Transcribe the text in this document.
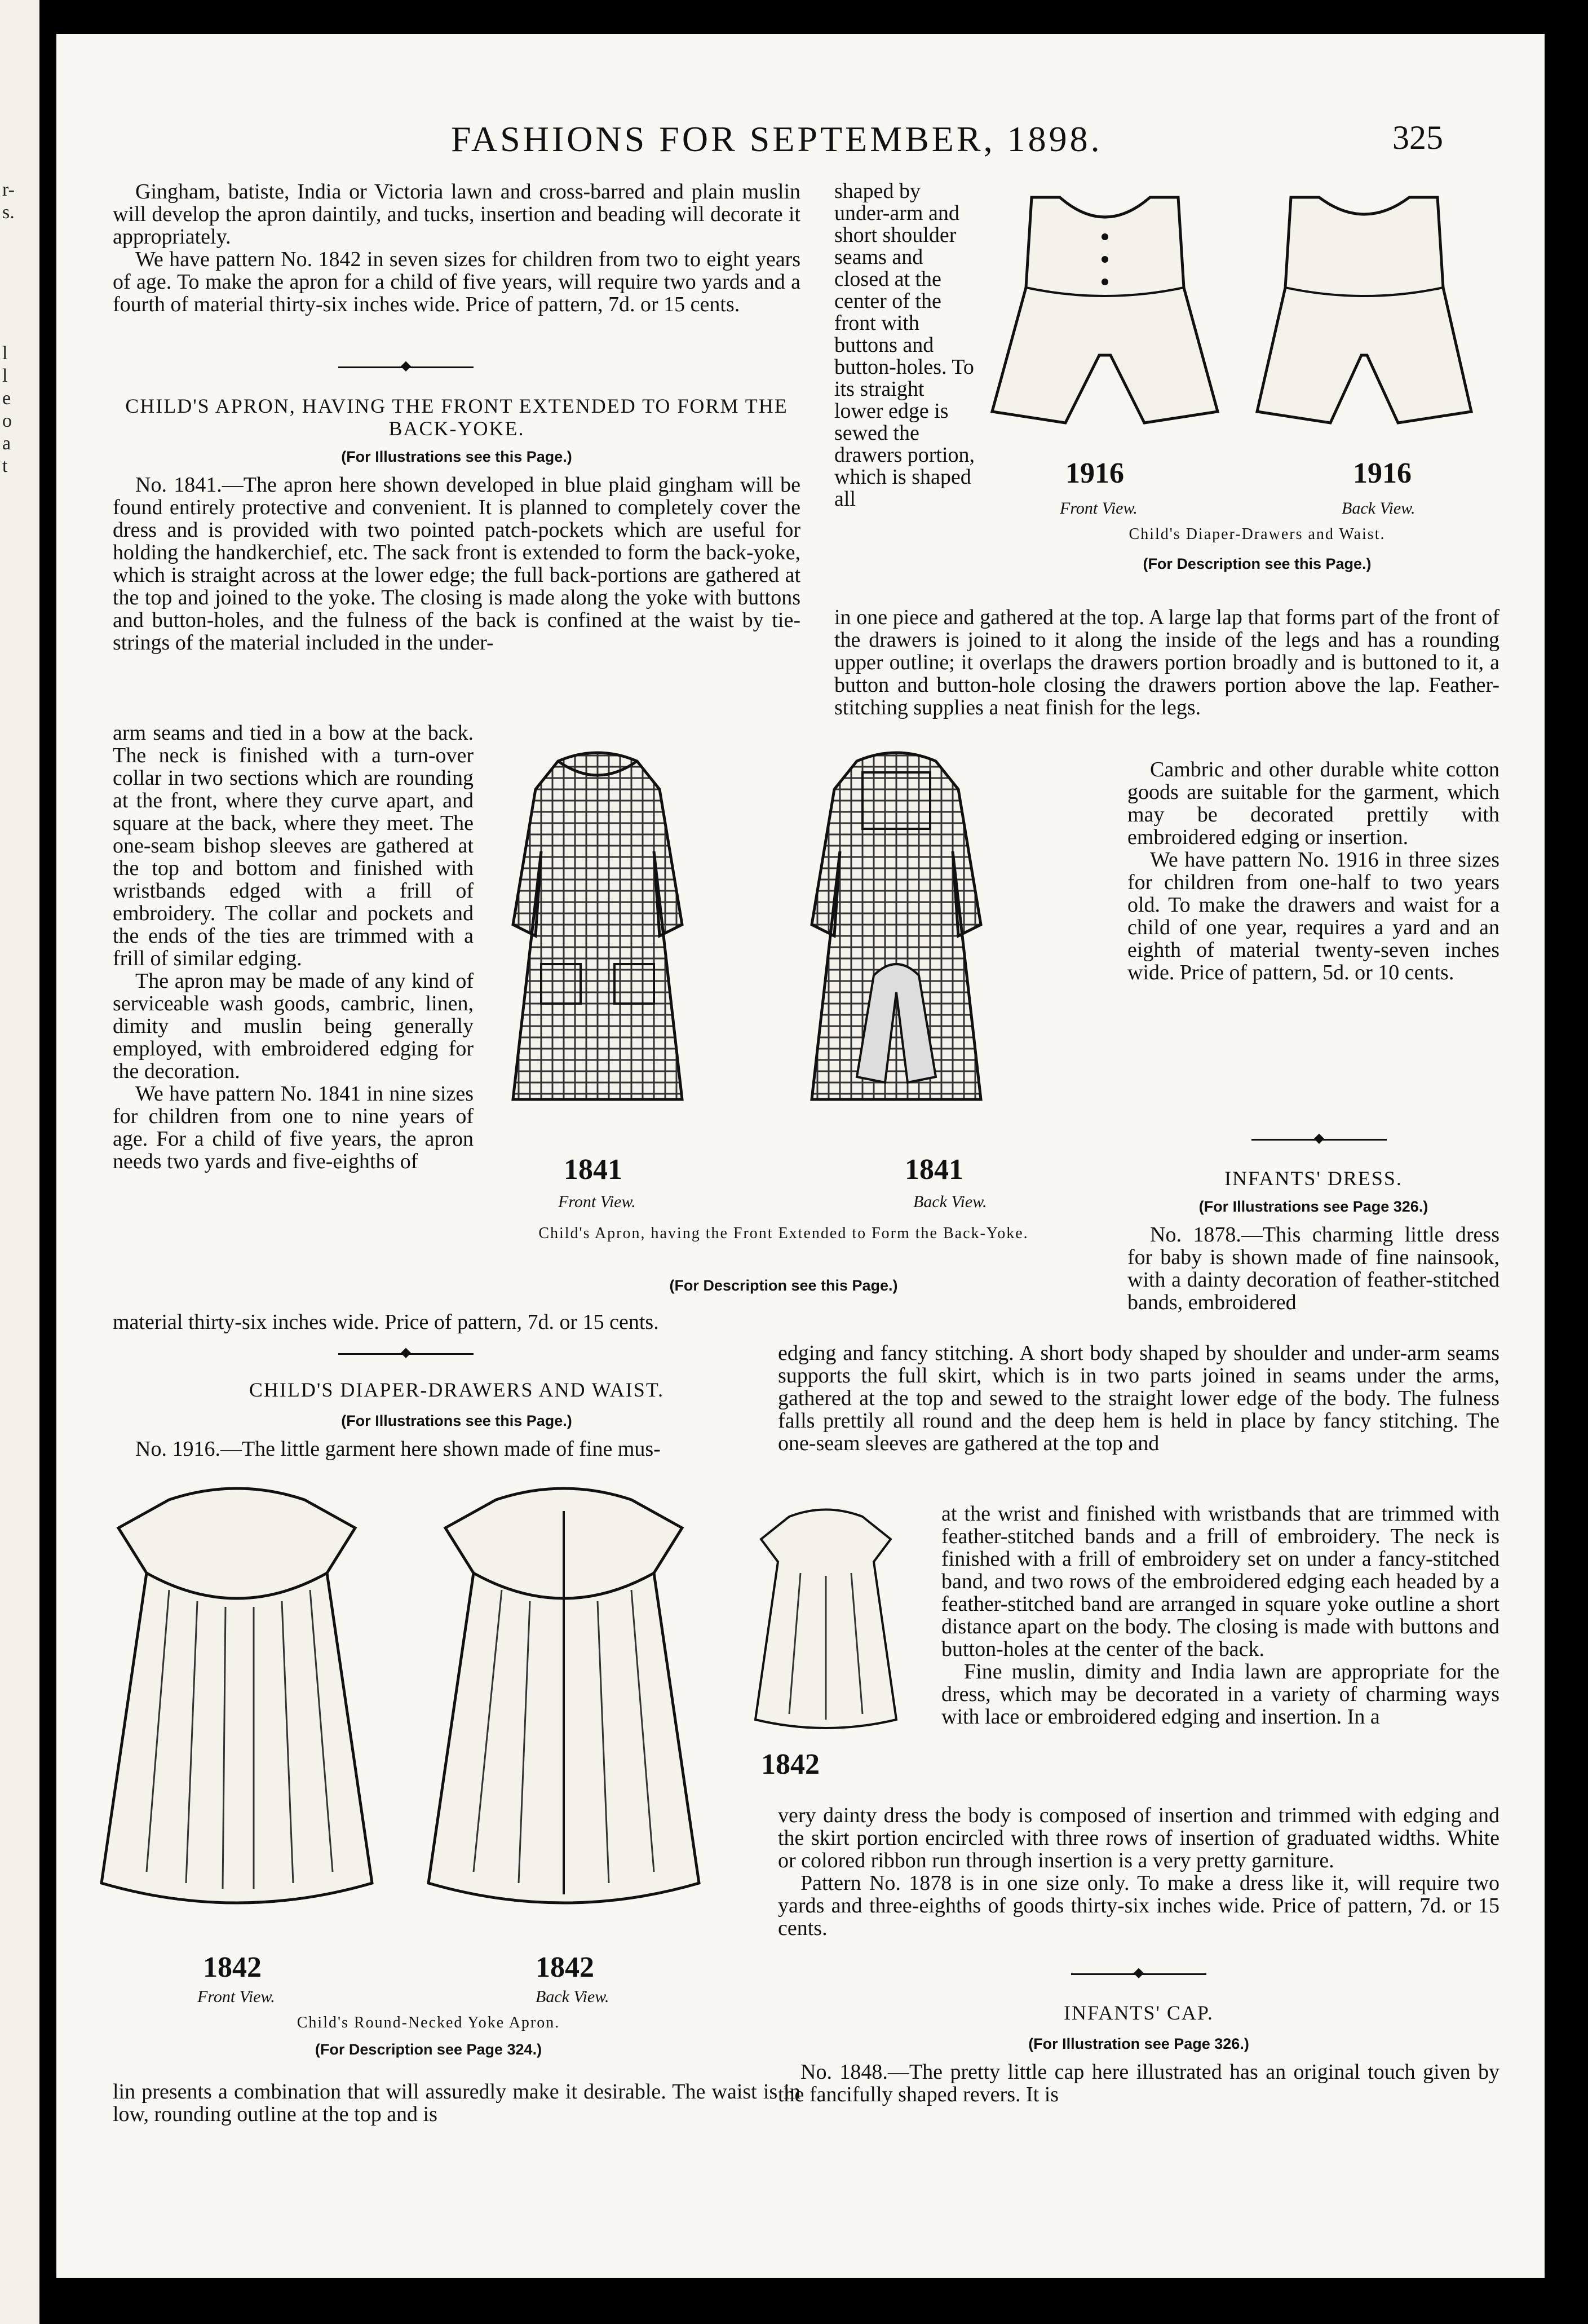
r-
s.
l
l
e
o
a
t
FASHIONS FOR SEPTEMBER, 1898.	325

Gingham, batiste, India or Victoria lawn and cross-barred and plain muslin will develop the apron daintily, and tucks, insertion and beading will decorate it appropriately.

We have pattern No. 1842 in seven sizes for children from two to eight years of age. To make the apron for a child of five years, will require two yards and a fourth of material thirty-six inches wide. Price of pattern, 7d. or 15 cents.

◆
CHILD'S APRON, HAVING THE FRONT EXTENDED TO FORM THE BACK-YOKE.
(For Illustrations see this Page.)

No. 1841.—The apron here shown developed in blue plaid gingham will be found entirely protective and convenient. It is planned to completely cover the dress and is provided with two pointed patch-pockets which are useful for holding the handkerchief, etc. The sack front is extended to form the back-yoke, which is straight across at the lower edge; the full back-portions are gathered at the top and joined to the yoke. The closing is made along the yoke with buttons and button-holes, and the fulness of the back is confined at the waist by tie-strings of the material included in the under-

arm seams and tied in a bow at the back. The neck is finished with a turn-over collar in two sections which are rounding at the front, where they curve apart, and square at the back, where they meet. The one-seam bishop sleeves are gathered at the top and bottom and finished with wristbands edged with a frill of embroidery. The collar and pockets and the ends of the ties are trimmed with a frill of similar edging.

The apron may be made of any kind of serviceable wash goods, cambric, linen, dimity and muslin being generally employed, with embroidered edging for the decoration.

We have pattern No. 1841 in nine sizes for children from one to nine years of age. For a child of five years, the apron needs two yards and five-eighths of

material thirty-six inches wide. Price of pattern, 7d. or 15 cents.

1841
Front View.
1841
Back View.
Child's Apron, having the Front Extended to Form the Back-Yoke.
(For Description see this Page.)
1916
Front View.
1916
Back View.
Child's Diaper-Drawers and Waist.
(For Description see this Page.)

shaped by under-arm and short shoulder seams and closed at the center of the front with buttons and button-holes. To its straight lower edge is sewed the drawers portion, which is shaped all

in one piece and gathered at the top. A large lap that forms part of the front of the drawers is joined to it along the inside of the legs and has a rounding upper outline; it overlaps the drawers portion broadly and is buttoned to it, a button and button-hole closing the drawers portion above the lap. Feather-stitching supplies a neat finish for the legs.

Cambric and other durable white cotton goods are suitable for the garment, which may be decorated prettily with embroidered edging or insertion.

We have pattern No. 1916 in three sizes for children from one-half to two years old. To make the drawers and waist for a child of one year, requires a yard and an eighth of material twenty-seven inches wide. Price of pattern, 5d. or 10 cents.

◆
INFANTS' DRESS.
(For Illustrations see Page 326.)

No. 1878.—This charming little dress for baby is shown made of fine nainsook, with a dainty decoration of feather-stitched bands, embroidered

edging and fancy stitching. A short body shaped by shoulder and under-arm seams supports the full skirt, which is in two parts joined in seams under the arms, gathered at the top and sewed to the straight lower edge of the body. The fulness falls prettily all round and the deep hem is held in place by fancy stitching. The one-seam sleeves are gathered at the top and

at the wrist and finished with wristbands that are trimmed with feather-stitched bands and a frill of embroidery. The neck is finished with a frill of embroidery set on under a fancy-stitched band, and two rows of the embroidered edging each headed by a feather-stitched band are arranged in square yoke outline a short distance apart on the body. The closing is made with buttons and button-holes at the center of the back.

Fine muslin, dimity and India lawn are appropriate for the dress, which may be decorated in a variety of charming ways with lace or embroidered edging and insertion. In a

very dainty dress the body is composed of insertion and trimmed with edging and the skirt portion encircled with three rows of insertion of graduated widths. White or colored ribbon run through insertion is a very pretty garniture.

Pattern No. 1878 is in one size only. To make a dress like it, will require two yards and three-eighths of goods thirty-six inches wide. Price of pattern, 7d. or 15 cents.

◆
INFANTS' CAP.
(For Illustration see Page 326.)

No. 1848.—The pretty little cap here illustrated has an original touch given by the fancifully shaped revers. It is

◆
CHILD'S DIAPER-DRAWERS AND WAIST.
(For Illustrations see this Page.)

No. 1916.—The little garment here shown made of fine mus-

1842
Front View.
1842
Back View.
1842
Child's Round-Necked Yoke Apron.
(For Description see Page 324.)

lin presents a combination that will assuredly make it desirable. The waist is in low, rounding outline at the top and is
